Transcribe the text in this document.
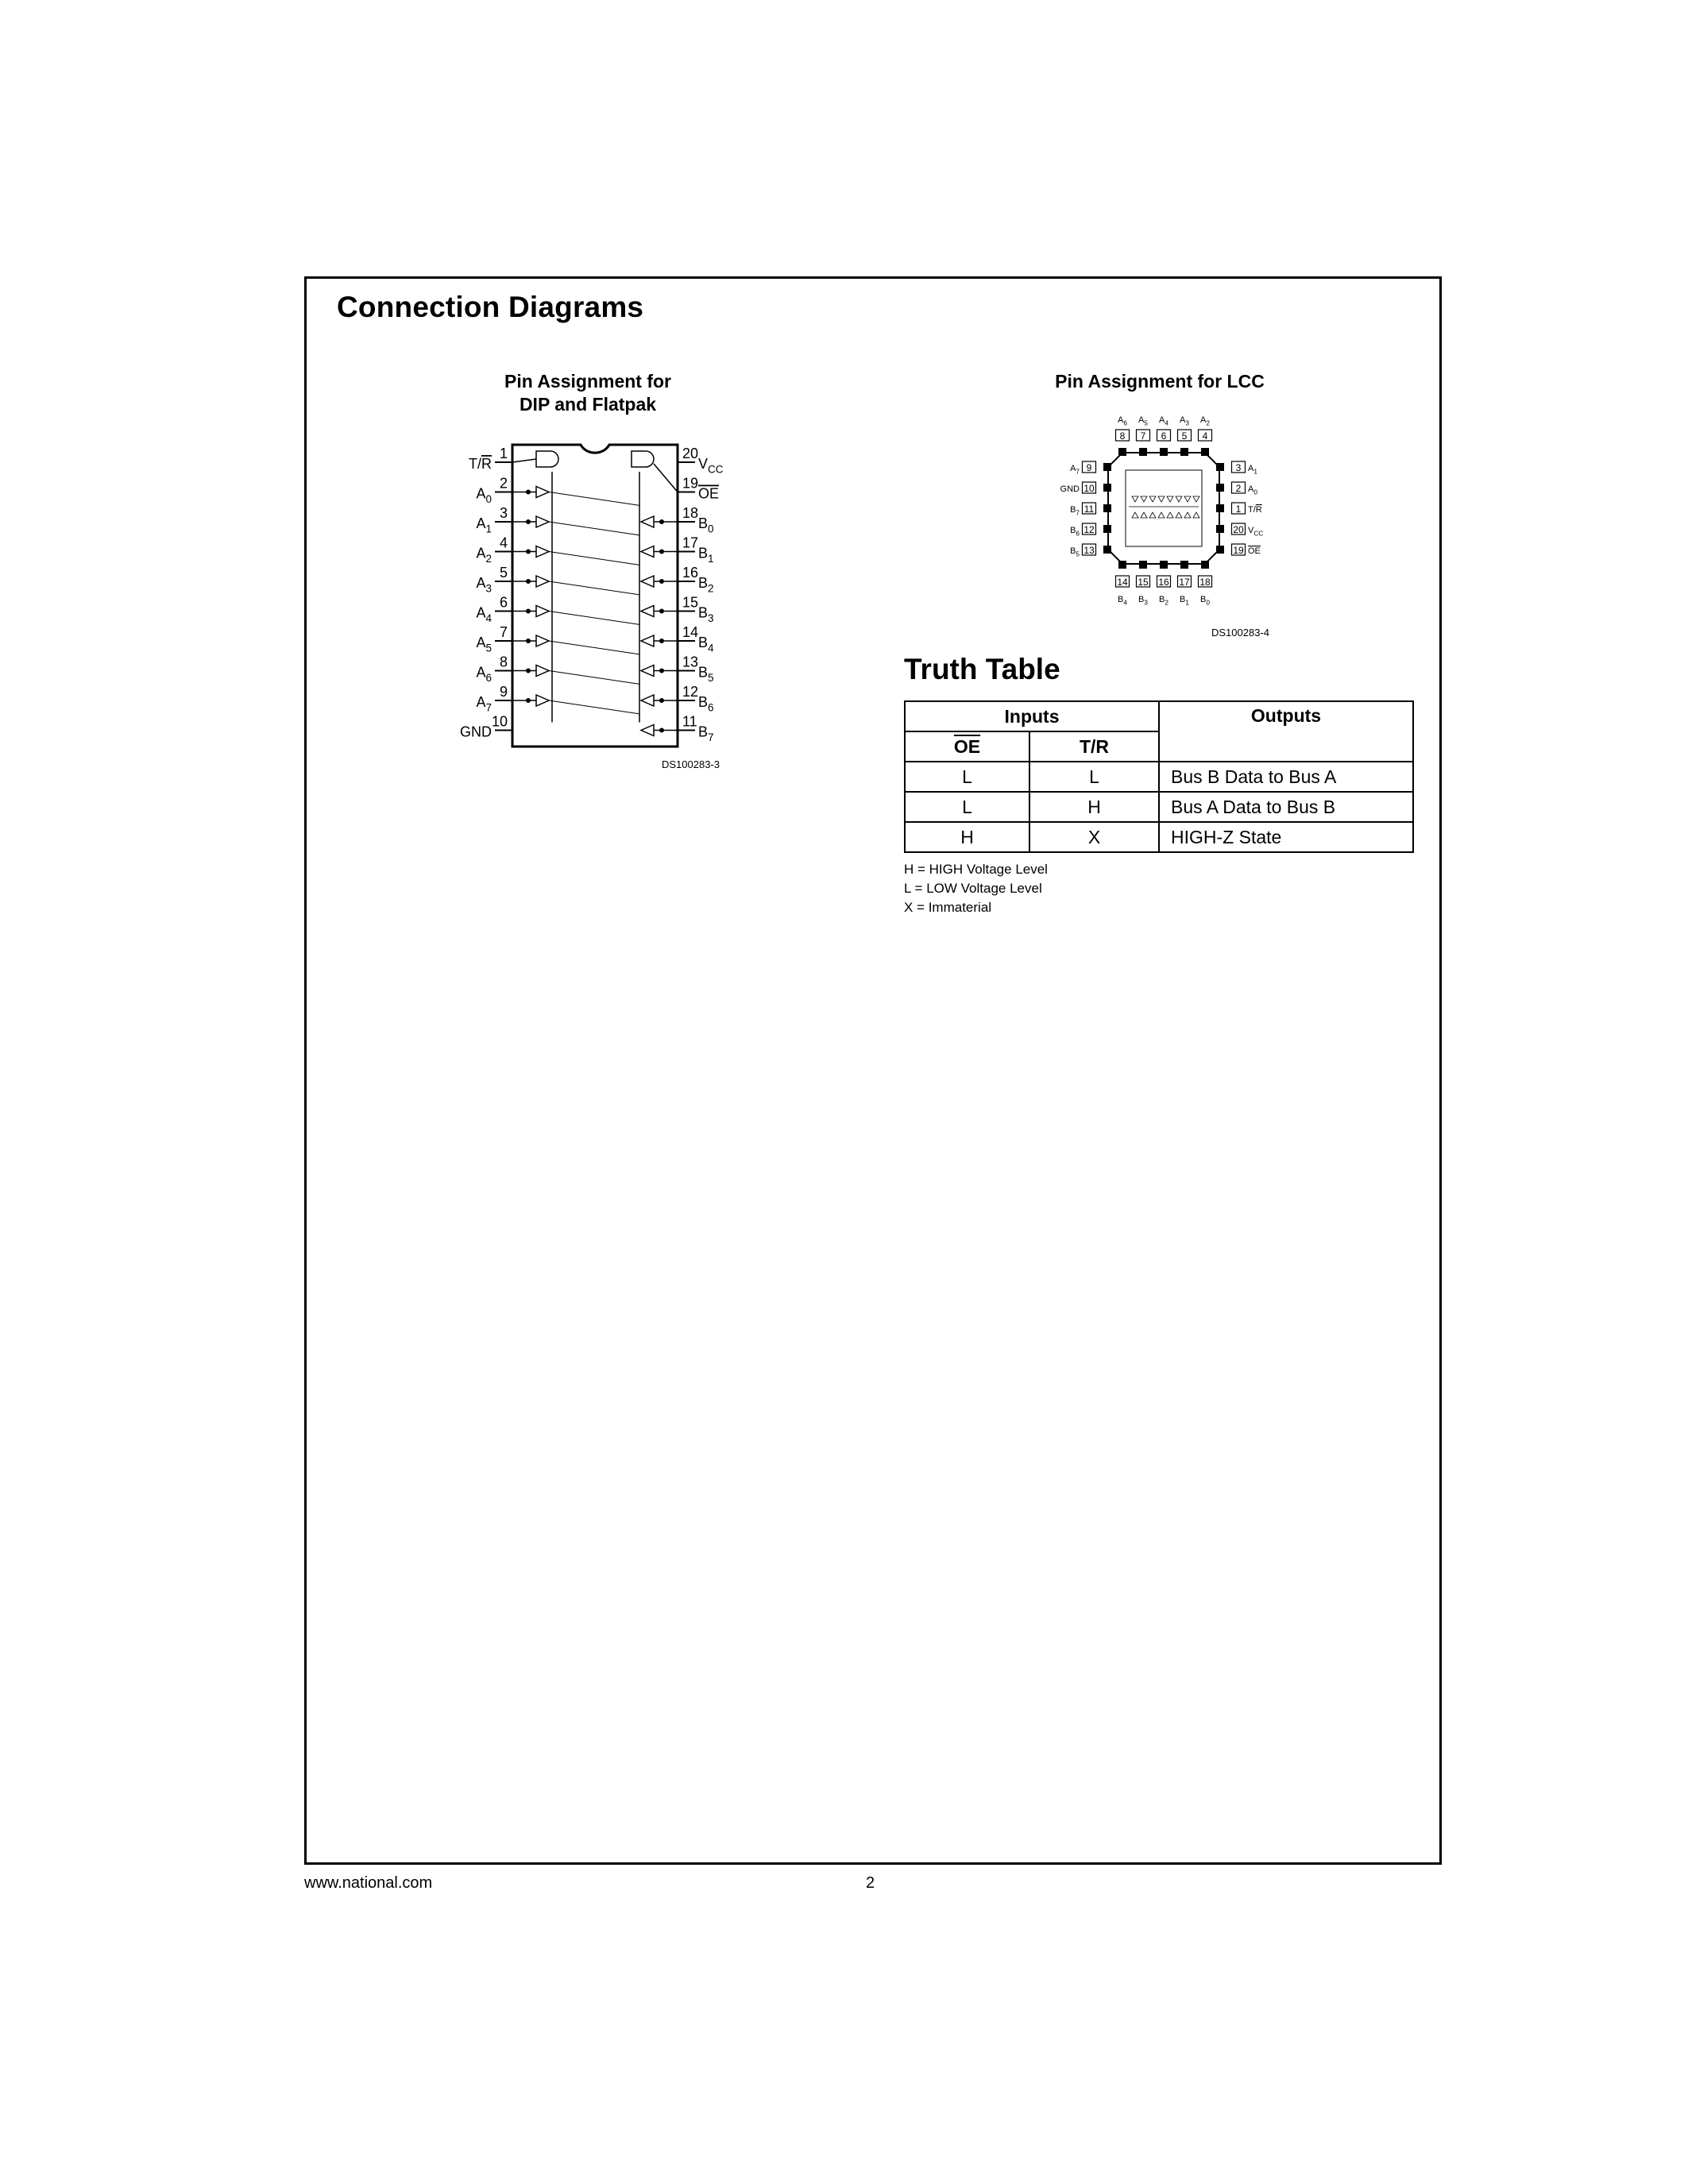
Connection Diagrams
Pin Assignment for
DIP and Flatpak
1
T/R
2
$A_0$
3
$A_1$
4
$A_2$
5
$A_3$
6
$A_4$
7
$A_5$
8
$A_6$
9
$A_7$
10
GND
20
$V_{CC}$
19
OE
18
$B_0$
17
$B_1$
16
$B_2$
15
$B_3$
14
$B_4$
13
$B_5$
12
$B_6$
11
$B_7$
DS100283-3
Pin Assignment for LCC
$A_6$
8
$A_5$
7
$A_4$
6
$A_3$
5
$A_2$
4
14
$B_4$
15
$B_3$
16
$B_2$
17
$B_1$
18
$B_0$
9
$A_7$
10
GND
11
$B_7$
12
$B_6$
13
$B_5$
3 $A_1$
2 $A_0$
1 T/R
20 $V_{CC}$
19 OE
DS100283-4
Truth Table
Inputs		Outputs
$\overline{OE}$	T/R	
L	L	Bus B Data to Bus A
L	H	Bus A Data to Bus B
H	X	HIGH-Z State
H = HIGH Voltage Level
L = LOW Voltage Level
X = Immaterial
www.national.com	2
